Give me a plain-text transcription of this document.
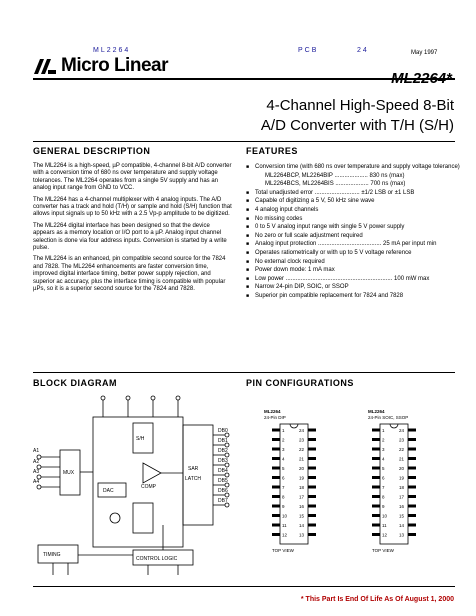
ML2264	PCB	24	May 1997
Micro Linear
ML2264*
4-Channel High-Speed 8-Bit
A/D Converter with T/H (S/H)
GENERAL DESCRIPTION

The ML2264 is a high-speed, µP compatible, 4-channel 8-bit A/D converter with a conversion time of 680 ns over temperature and supply voltage tolerances. The ML2264 operates from a single 5V supply and has an analog input range from GND to VCC.

The ML2264 has a 4-channel multiplexer with 4 analog inputs. The A/D converter has a track and hold (T/H) or sample and hold (S/H) function that allows input signals up to 50 kHz with a 2.5 Vp-p amplitude to be digitized.

The ML2264 digital interface has been designed so that the device appears as a memory location or I/O port to a µP. Analog input channel selection is done via four address inputs. Conversion is started by a write pulse.

The ML2264 is an enhanced, pin compatible second source for the 7824 and 7828. The ML2264 enhancements are faster conversion time, improved digital interface timing, better power supply rejection, and superior ac accuracy, plus the interface timing is compatible with popular µPs, so it is a superior second source for the 7824 and 7828.

FEATURES
■ Conversion time (with 680 ns over temperature and supply voltage tolerance)
ML2264BCP, ML2264BIP .................... 830 ns (max)
ML2264BCS, ML2264BIS .................... 700 ns (max)
■ Total unadjusted error ........................... ±1/2 LSB or ±1 LSB
■ Capable of digitizing a 5 V, 50 kHz sine wave
■ 4 analog input channels
■ No missing codes
■ 0 to 5 V analog input range with single 5 V power supply
■ No zero or full scale adjustment required
■ Analog input protection ...................................... 25 mA per input min
■ Operates ratiometrically or with up to 5 V voltage reference
■ No external clock required
■ Power down mode: 1 mA max
■ Low power ................................................................ 100 mW max
■ Narrow 24-pin DIP, SOIC, or SSOP
■ Superior pin compatible replacement for 7824 and 7828
BLOCK DIAGRAM
MUX
S/H
DAC
SAR
LATCH
CONTROL LOGIC
TIMING
COMP
A1
A2
A3
A4
DB0
DB1
DB2
DB3
DB4
DB5
DB6
DB7
PIN CONFIGURATIONS
ML2264
24-Pin DIP
ML2264
24-Pin SOIC, SSOP
1	24
2	23
3	22
4	21
5	20
6	19
7	18
8	17
9	16
10	15
11	14
12	13
1	24
2	23
3	22
4	21
5	20
6	19
7	18
8	17
9	16
10	15
11	14
12	13
TOP VIEW	TOP VIEW
* This Part Is End Of Life As Of August 1, 2000
